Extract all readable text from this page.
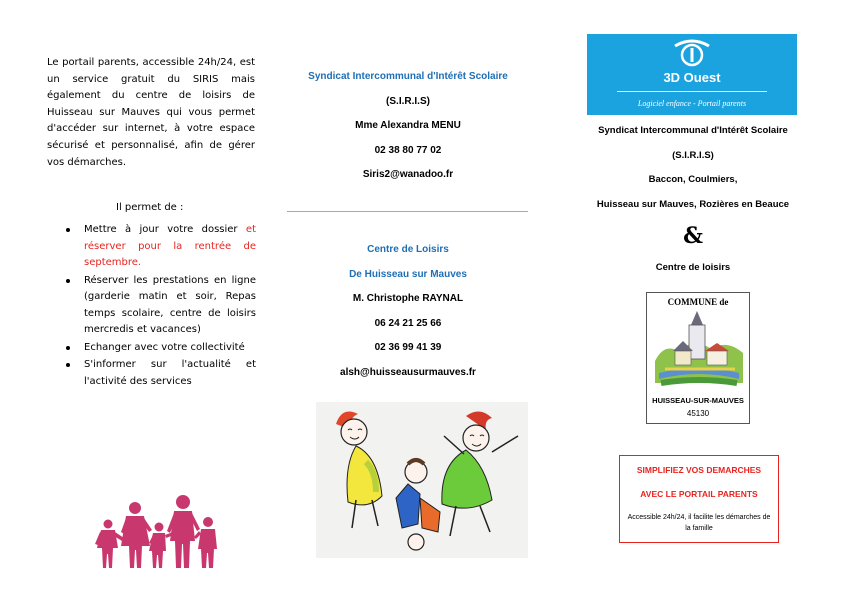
Le portail parents, accessible 24h/24, est un service gratuit du SIRIS mais également du centre de loisirs de Huisseau sur Mauves qui vous permet d'accéder sur internet, à votre espace sécurisé et personnalisé, afin de gérer vos démarches.

Il permet de :
Mettre à jour votre dossier et réserver pour la rentrée de septembre.
Réserver les prestations en ligne (garderie matin et soir, Repas temps scolaire, centre de loisirs mercredis et vacances)
Echanger avec votre collectivité
S'informer sur l'actualité et l'activité des services
Syndicat Intercommunal d'Intérêt Scolaire
(S.I.R.I.S)
Mme Alexandra MENU
02 38 80 77 02
Siris2@wanadoo.fr
Centre de Loisirs
De Huisseau sur Mauves
M. Christophe RAYNAL
06 24 21 25 66
02 36 99 41 39
alsh@huisseausurmauves.fr
3D Ouest
Logiciel enfance - Portail parents
Syndicat Intercommunal d'Intérêt Scolaire
(S.I.R.I.S)
Baccon, Coulmiers,
Huisseau sur Mauves, Rozières en Beauce
&
Centre de loisirs
COMMUNE de
HUISSEAU-SUR-MAUVES
45130
SIMPLIFIEZ VOS DEMARCHES
AVEC LE PORTAIL PARENTS
Accessible 24h/24, il facilite les démarches de la famille
